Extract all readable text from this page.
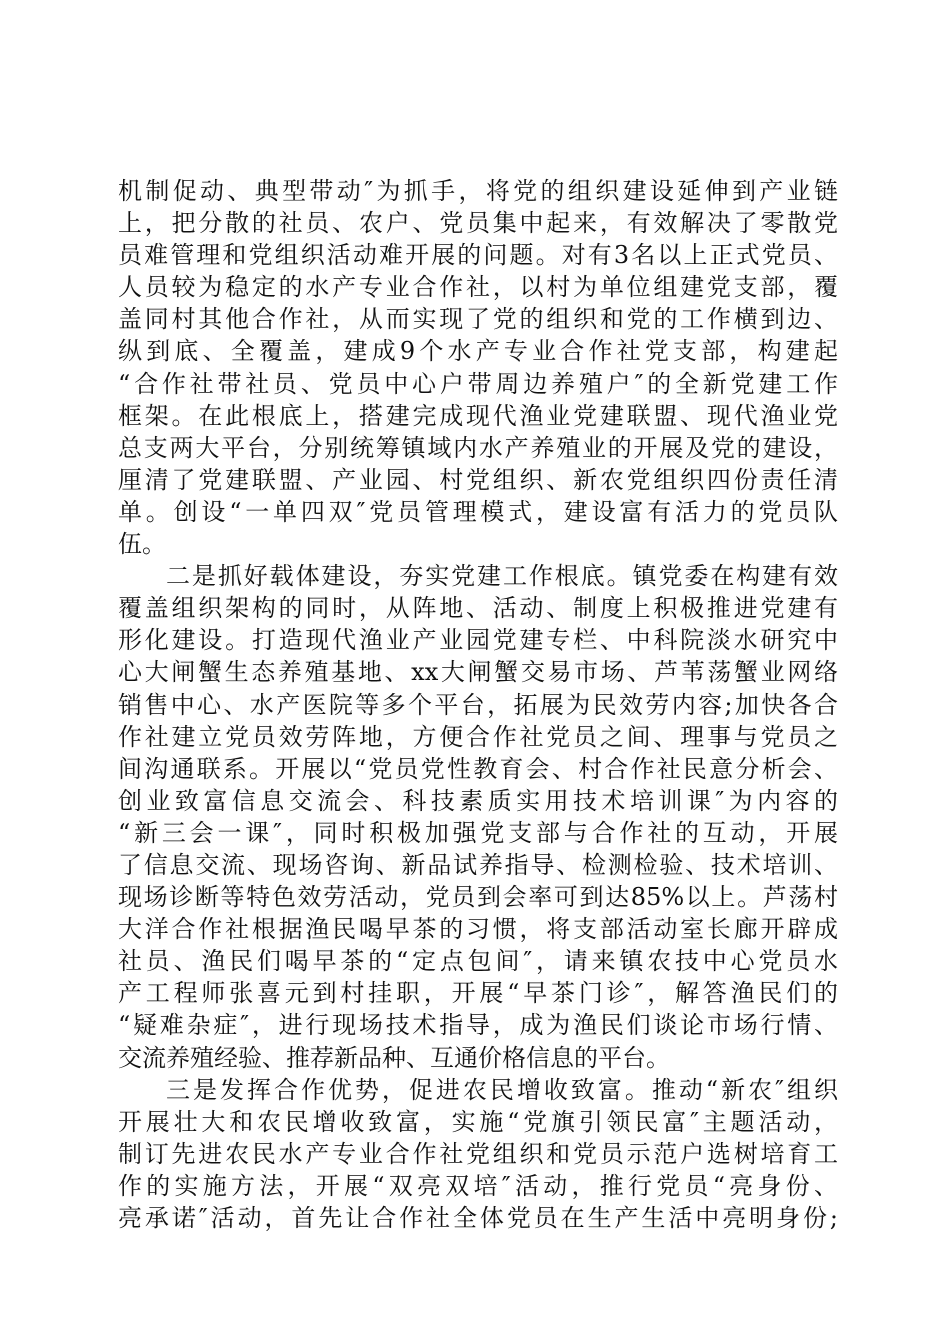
机制促动、典型带动″为抓手，将党的组织建设延伸到产业链
上，把分散的社员、农户、党员集中起来，有效解决了零散党
员难管理和党组织活动难开展的问题。对有3名以上正式党员、
人员较为稳定的水产专业合作社，以村为单位组建党支部，覆
盖同村其他合作社，从而实现了党的组织和党的工作横到边、
纵到底、全覆盖，建成9个水产专业合作社党支部，构建起
“合作社带社员、党员中心户带周边养殖户″的全新党建工作
框架。在此根底上，搭建完成现代渔业党建联盟、现代渔业党
总支两大平台，分别统筹镇域内水产养殖业的开展及党的建设，
厘清了党建联盟、产业园、村党组织、新农党组织四份责任清
单。创设“一单四双″党员管理模式，建设富有活力的党员队
伍。
二是抓好载体建设，夯实党建工作根底。镇党委在构建有效
覆盖组织架构的同时，从阵地、活动、制度上积极推进党建有
形化建设。打造现代渔业产业园党建专栏、中科院淡水研究中
心大闸蟹生态养殖基地、xx大闸蟹交易市场、芦苇荡蟹业网络
销售中心、水产医院等多个平台，拓展为民效劳内容;加快各合
作社建立党员效劳阵地，方便合作社党员之间、理事与党员之
间沟通联系。开展以“党员党性教育会、村合作社民意分析会、
创业致富信息交流会、科技素质实用技术培训课″为内容的
“新三会一课″，同时积极加强党支部与合作社的互动，开展
了信息交流、现场咨询、新品试养指导、检测检验、技术培训、
现场诊断等特色效劳活动，党员到会率可到达85%以上。芦荡村
大洋合作社根据渔民喝早茶的习惯，将支部活动室长廊开辟成
社员、渔民们喝早茶的“定点包间″，请来镇农技中心党员水
产工程师张喜元到村挂职，开展“早茶门诊″，解答渔民们的
“疑难杂症″，进行现场技术指导，成为渔民们谈论市场行情、
交流养殖经验、推荐新品种、互通价格信息的平台。
三是发挥合作优势，促进农民增收致富。推动“新农″组织
开展壮大和农民增收致富，实施“党旗引领民富″主题活动，
制订先进农民水产专业合作社党组织和党员示范户选树培育工
作的实施方法，开展“双亮双培″活动，推行党员“亮身份、
亮承诺″活动，首先让合作社全体党员在生产生活中亮明身份;
